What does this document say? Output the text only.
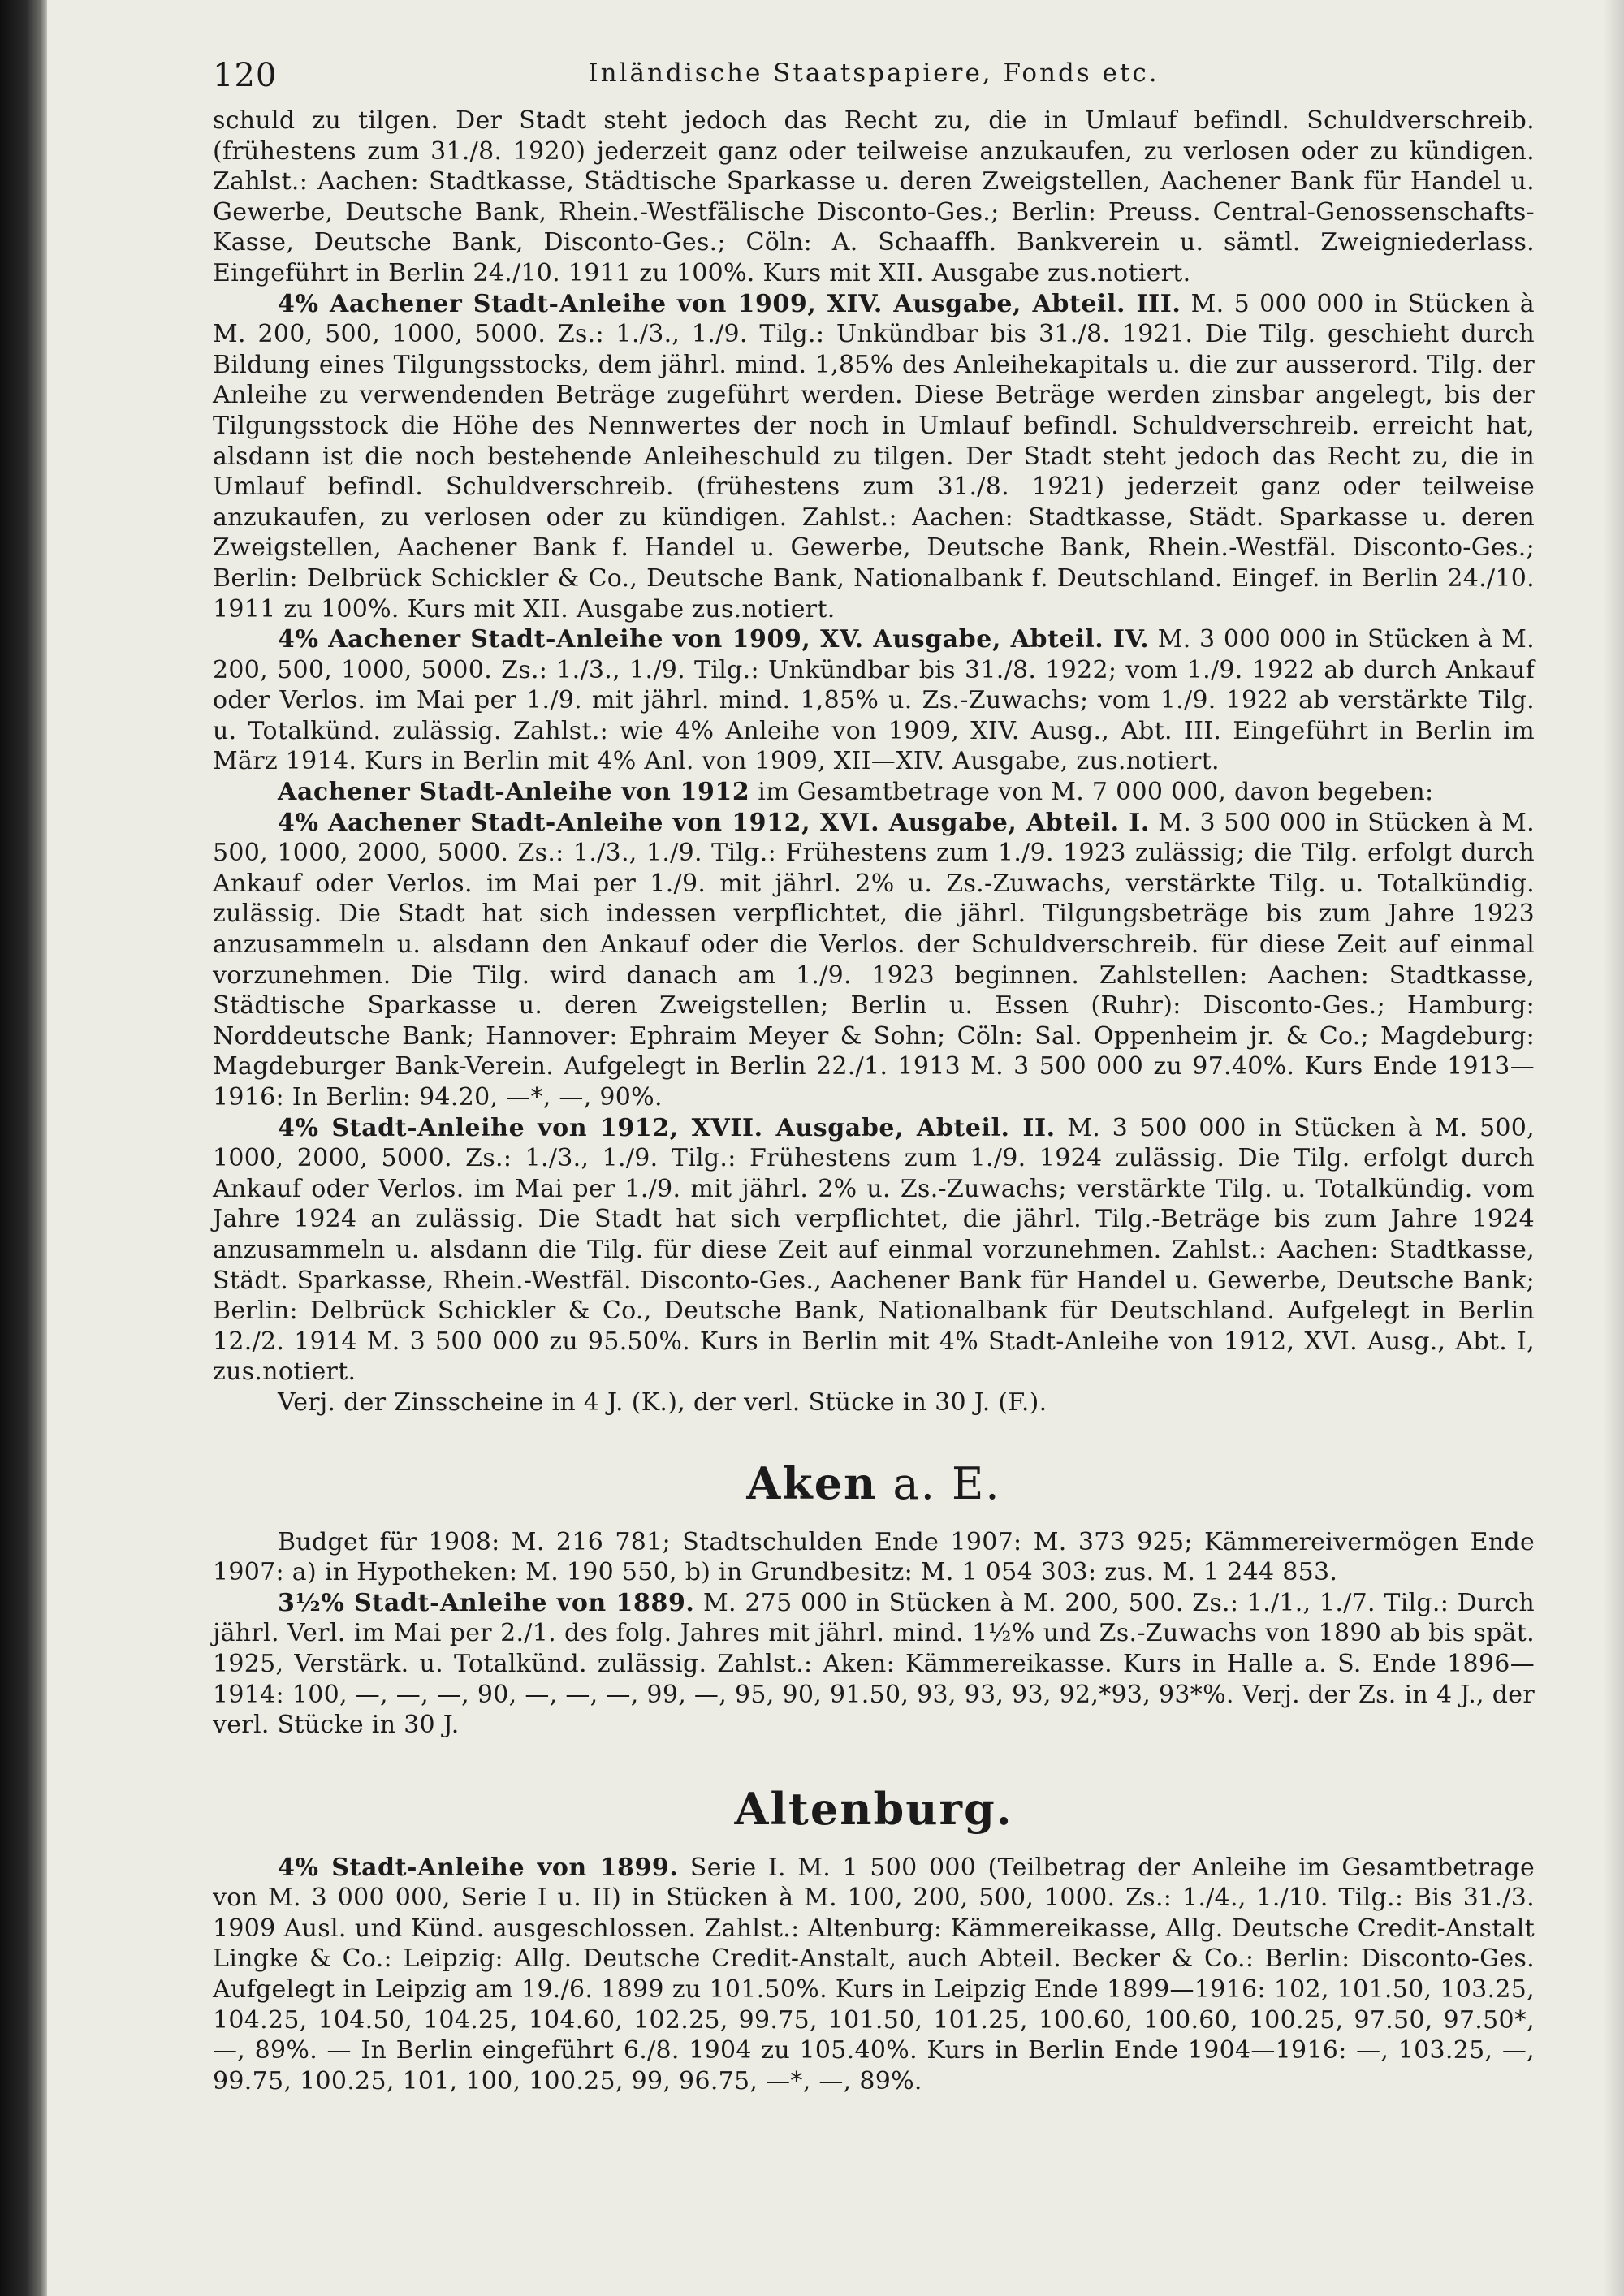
120	Inländische Staatspapiere, Fonds etc.

schuld zu tilgen. Der Stadt steht jedoch das Recht zu, die in Umlauf befindl. Schuldverschreib. (frühestens zum 31./8. 1920) jederzeit ganz oder teilweise anzukaufen, zu verlosen oder zu kündigen. Zahlst.: Aachen: Stadtkasse, Städtische Sparkasse u. deren Zweigstellen, Aachener Bank für Handel u. Gewerbe, Deutsche Bank, Rhein.-Westfälische Disconto-Ges.; Berlin: Preuss. Central-Genossenschafts-Kasse, Deutsche Bank, Disconto-Ges.; Cöln: A. Schaaffh. Bankverein u. sämtl. Zweigniederlass. Eingeführt in Berlin 24./10. 1911 zu 100%. Kurs mit XII. Ausgabe zus.notiert.

4% Aachener Stadt-Anleihe von 1909, XIV. Ausgabe, Abteil. III. M. 5 000 000 in Stücken à M. 200, 500, 1000, 5000. Zs.: 1./3., 1./9. Tilg.: Unkündbar bis 31./8. 1921. Die Tilg. geschieht durch Bildung eines Tilgungsstocks, dem jährl. mind. 1,85% des Anleihekapitals u. die zur ausserord. Tilg. der Anleihe zu verwendenden Beträge zugeführt werden. Diese Beträge werden zinsbar angelegt, bis der Tilgungsstock die Höhe des Nennwertes der noch in Umlauf befindl. Schuldverschreib. erreicht hat, alsdann ist die noch bestehende Anleiheschuld zu tilgen. Der Stadt steht jedoch das Recht zu, die in Umlauf befindl. Schuldverschreib. (frühestens zum 31./8. 1921) jederzeit ganz oder teilweise anzukaufen, zu verlosen oder zu kündigen. Zahlst.: Aachen: Stadtkasse, Städt. Sparkasse u. deren Zweigstellen, Aachener Bank f. Handel u. Gewerbe, Deutsche Bank, Rhein.-Westfäl. Disconto-Ges.; Berlin: Delbrück Schickler & Co., Deutsche Bank, Nationalbank f. Deutschland. Eingef. in Berlin 24./10. 1911 zu 100%. Kurs mit XII. Ausgabe zus.notiert.

4% Aachener Stadt-Anleihe von 1909, XV. Ausgabe, Abteil. IV. M. 3 000 000 in Stücken à M. 200, 500, 1000, 5000. Zs.: 1./3., 1./9. Tilg.: Unkündbar bis 31./8. 1922; vom 1./9. 1922 ab durch Ankauf oder Verlos. im Mai per 1./9. mit jährl. mind. 1,85% u. Zs.-Zuwachs; vom 1./9. 1922 ab verstärkte Tilg. u. Totalkünd. zulässig. Zahlst.: wie 4% Anleihe von 1909, XIV. Ausg., Abt. III. Eingeführt in Berlin im März 1914. Kurs in Berlin mit 4% Anl. von 1909, XII—XIV. Ausgabe, zus.notiert.

Aachener Stadt-Anleihe von 1912 im Gesamtbetrage von M. 7 000 000, davon begeben:

4% Aachener Stadt-Anleihe von 1912, XVI. Ausgabe, Abteil. I. M. 3 500 000 in Stücken à M. 500, 1000, 2000, 5000. Zs.: 1./3., 1./9. Tilg.: Frühestens zum 1./9. 1923 zulässig; die Tilg. erfolgt durch Ankauf oder Verlos. im Mai per 1./9. mit jährl. 2% u. Zs.-Zuwachs, verstärkte Tilg. u. Totalkündig. zulässig. Die Stadt hat sich indessen verpflichtet, die jährl. Tilgungsbeträge bis zum Jahre 1923 anzusammeln u. alsdann den Ankauf oder die Verlos. der Schuldverschreib. für diese Zeit auf einmal vorzunehmen. Die Tilg. wird danach am 1./9. 1923 beginnen. Zahlstellen: Aachen: Stadtkasse, Städtische Sparkasse u. deren Zweigstellen; Berlin u. Essen (Ruhr): Disconto-Ges.; Hamburg: Norddeutsche Bank; Hannover: Ephraim Meyer & Sohn; Cöln: Sal. Oppenheim jr. & Co.; Magdeburg: Magdeburger Bank-Verein. Aufgelegt in Berlin 22./1. 1913 M. 3 500 000 zu 97.40%. Kurs Ende 1913—1916: In Berlin: 94.20, —*, —, 90%.

4% Stadt-Anleihe von 1912, XVII. Ausgabe, Abteil. II. M. 3 500 000 in Stücken à M. 500, 1000, 2000, 5000. Zs.: 1./3., 1./9. Tilg.: Frühestens zum 1./9. 1924 zulässig. Die Tilg. erfolgt durch Ankauf oder Verlos. im Mai per 1./9. mit jährl. 2% u. Zs.-Zuwachs; verstärkte Tilg. u. Totalkündig. vom Jahre 1924 an zulässig. Die Stadt hat sich verpflichtet, die jährl. Tilg.-Beträge bis zum Jahre 1924 anzusammeln u. alsdann die Tilg. für diese Zeit auf einmal vorzunehmen. Zahlst.: Aachen: Stadtkasse, Städt. Sparkasse, Rhein.-Westfäl. Disconto-Ges., Aachener Bank für Handel u. Gewerbe, Deutsche Bank; Berlin: Delbrück Schickler & Co., Deutsche Bank, Nationalbank für Deutschland. Aufgelegt in Berlin 12./2. 1914 M. 3 500 000 zu 95.50%. Kurs in Berlin mit 4% Stadt-Anleihe von 1912, XVI. Ausg., Abt. I, zus.notiert.

Verj. der Zinsscheine in 4 J. (K.), der verl. Stücke in 30 J. (F.).

Aken a. E.

Budget für 1908: M. 216 781; Stadtschulden Ende 1907: M. 373 925; Kämmereivermögen Ende 1907: a) in Hypotheken: M. 190 550, b) in Grundbesitz: M. 1 054 303: zus. M. 1 244 853.

3½% Stadt-Anleihe von 1889. M. 275 000 in Stücken à M. 200, 500. Zs.: 1./1., 1./7. Tilg.: Durch jährl. Verl. im Mai per 2./1. des folg. Jahres mit jährl. mind. 1½% und Zs.-Zuwachs von 1890 ab bis spät. 1925, Verstärk. u. Totalkünd. zulässig. Zahlst.: Aken: Kämmereikasse. Kurs in Halle a. S. Ende 1896—1914: 100, —, —, —, 90, —, —, —, 99, —, 95, 90, 91.50, 93, 93, 93, 92,*93, 93*%. Verj. der Zs. in 4 J., der verl. Stücke in 30 J.

Altenburg.

4% Stadt-Anleihe von 1899. Serie I. M. 1 500 000 (Teilbetrag der Anleihe im Gesamtbetrage von M. 3 000 000, Serie I u. II) in Stücken à M. 100, 200, 500, 1000. Zs.: 1./4., 1./10. Tilg.: Bis 31./3. 1909 Ausl. und Künd. ausgeschlossen. Zahlst.: Altenburg: Kämmereikasse, Allg. Deutsche Credit-Anstalt Lingke & Co.: Leipzig: Allg. Deutsche Credit-Anstalt, auch Abteil. Becker & Co.: Berlin: Disconto-Ges. Aufgelegt in Leipzig am 19./6. 1899 zu 101.50%. Kurs in Leipzig Ende 1899—1916: 102, 101.50, 103.25, 104.25, 104.50, 104.25, 104.60, 102.25, 99.75, 101.50, 101.25, 100.60, 100.60, 100.25, 97.50, 97.50*, —, 89%. — In Berlin eingeführt 6./8. 1904 zu 105.40%. Kurs in Berlin Ende 1904—1916: —, 103.25, —, 99.75, 100.25, 101, 100, 100.25, 99, 96.75, —*, —, 89%.
